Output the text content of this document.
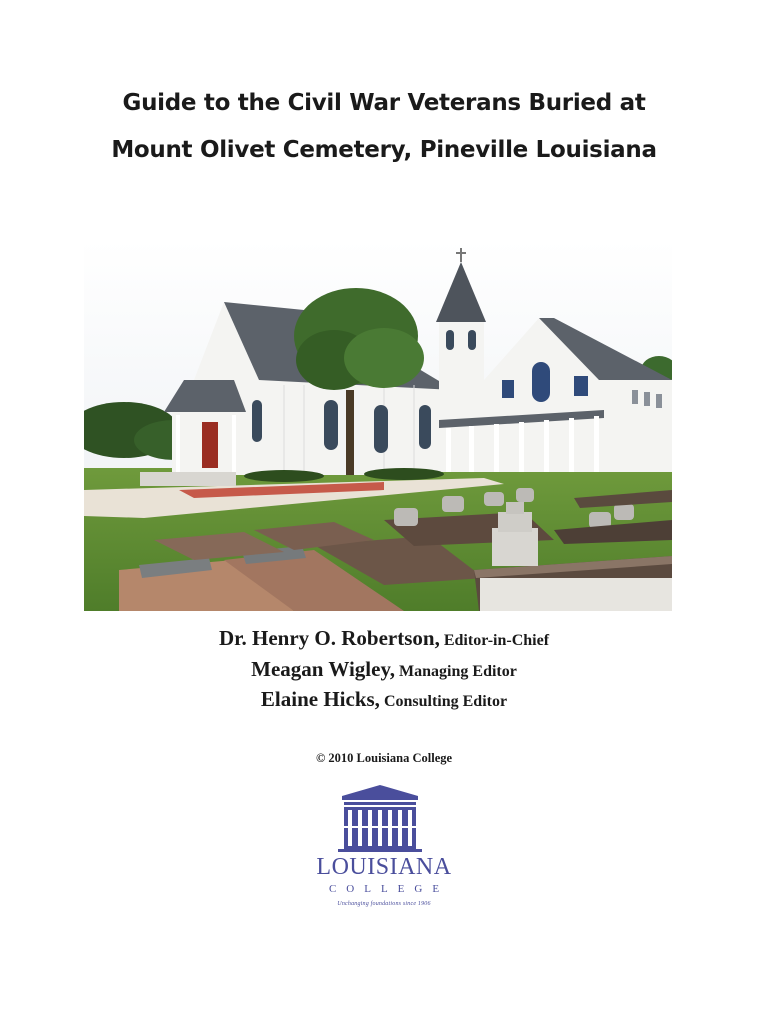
Guide to the Civil War Veterans Buried at
Mount Olivet Cemetery, Pineville Louisiana
Dr. Henry O. Robertson, Editor-in-Chief
Meagan Wigley, Managing Editor
Elaine Hicks, Consulting Editor
© 2010 Louisiana College
LOUISIANA
COLLEGE
Unchanging foundations since 1906
